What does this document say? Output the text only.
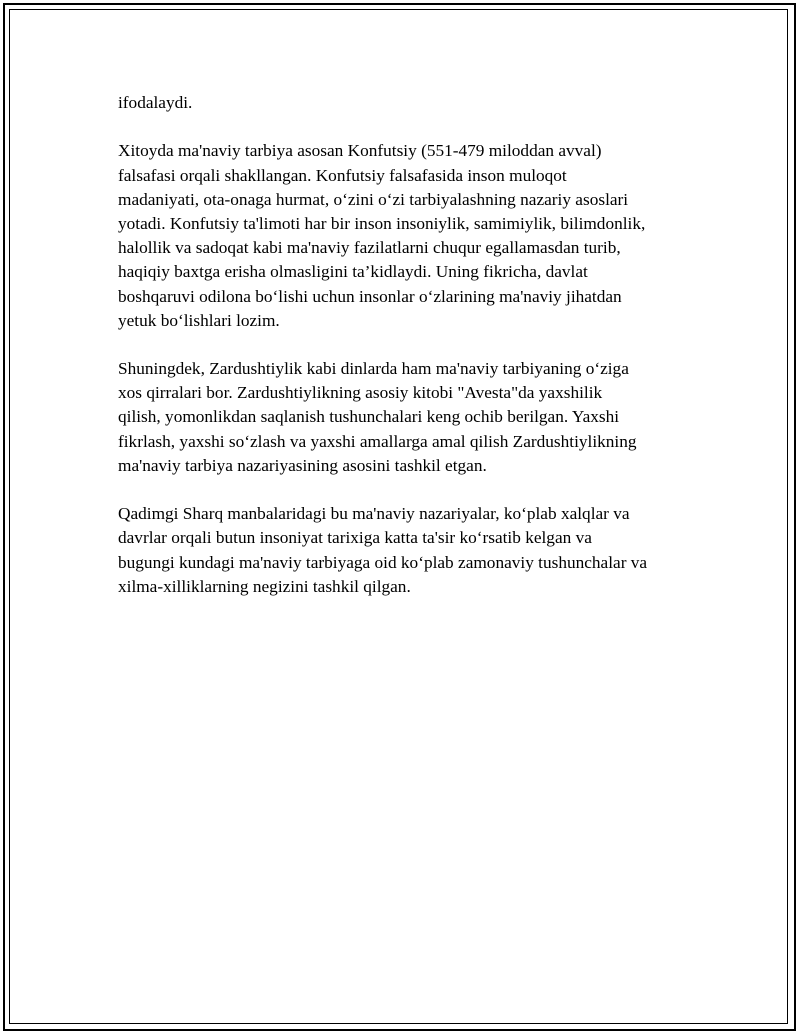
ifodalaydi.

Xitoyda ma'naviy tarbiya asosan Konfutsiy (551-479 miloddan avval)
falsafasi orqali shakllangan. Konfutsiy falsafasida inson muloqot
madaniyati, ota-onaga hurmat, o‘zini o‘zi tarbiyalashning nazariy asoslari
yotadi. Konfutsiy ta'limoti har bir inson insoniylik, samimiylik, bilimdonlik,
halollik va sadoqat kabi ma'naviy fazilatlarni chuqur egallamasdan turib,
haqiqiy baxtga erisha olmasligini ta’kidlaydi. Uning fikricha, davlat
boshqaruvi odilona bo‘lishi uchun insonlar o‘zlarining ma'naviy jihatdan
yetuk bo‘lishlari lozim.

Shuningdek, Zardushtiylik kabi dinlarda ham ma'naviy tarbiyaning o‘ziga
xos qirralari bor. Zardushtiylikning asosiy kitobi "Avesta"da yaxshilik
qilish, yomonlikdan saqlanish tushunchalari keng ochib berilgan. Yaxshi
fikrlash, yaxshi so‘zlash va yaxshi amallarga amal qilish Zardushtiylikning
ma'naviy tarbiya nazariyasining asosini tashkil etgan.

Qadimgi Sharq manbalaridagi bu ma'naviy nazariyalar, ko‘plab xalqlar va
davrlar orqali butun insoniyat tarixiga katta ta'sir ko‘rsatib kelgan va
bugungi kundagi ma'naviy tarbiyaga oid ko‘plab zamonaviy tushunchalar va
xilma-xilliklarning negizini tashkil qilgan.
